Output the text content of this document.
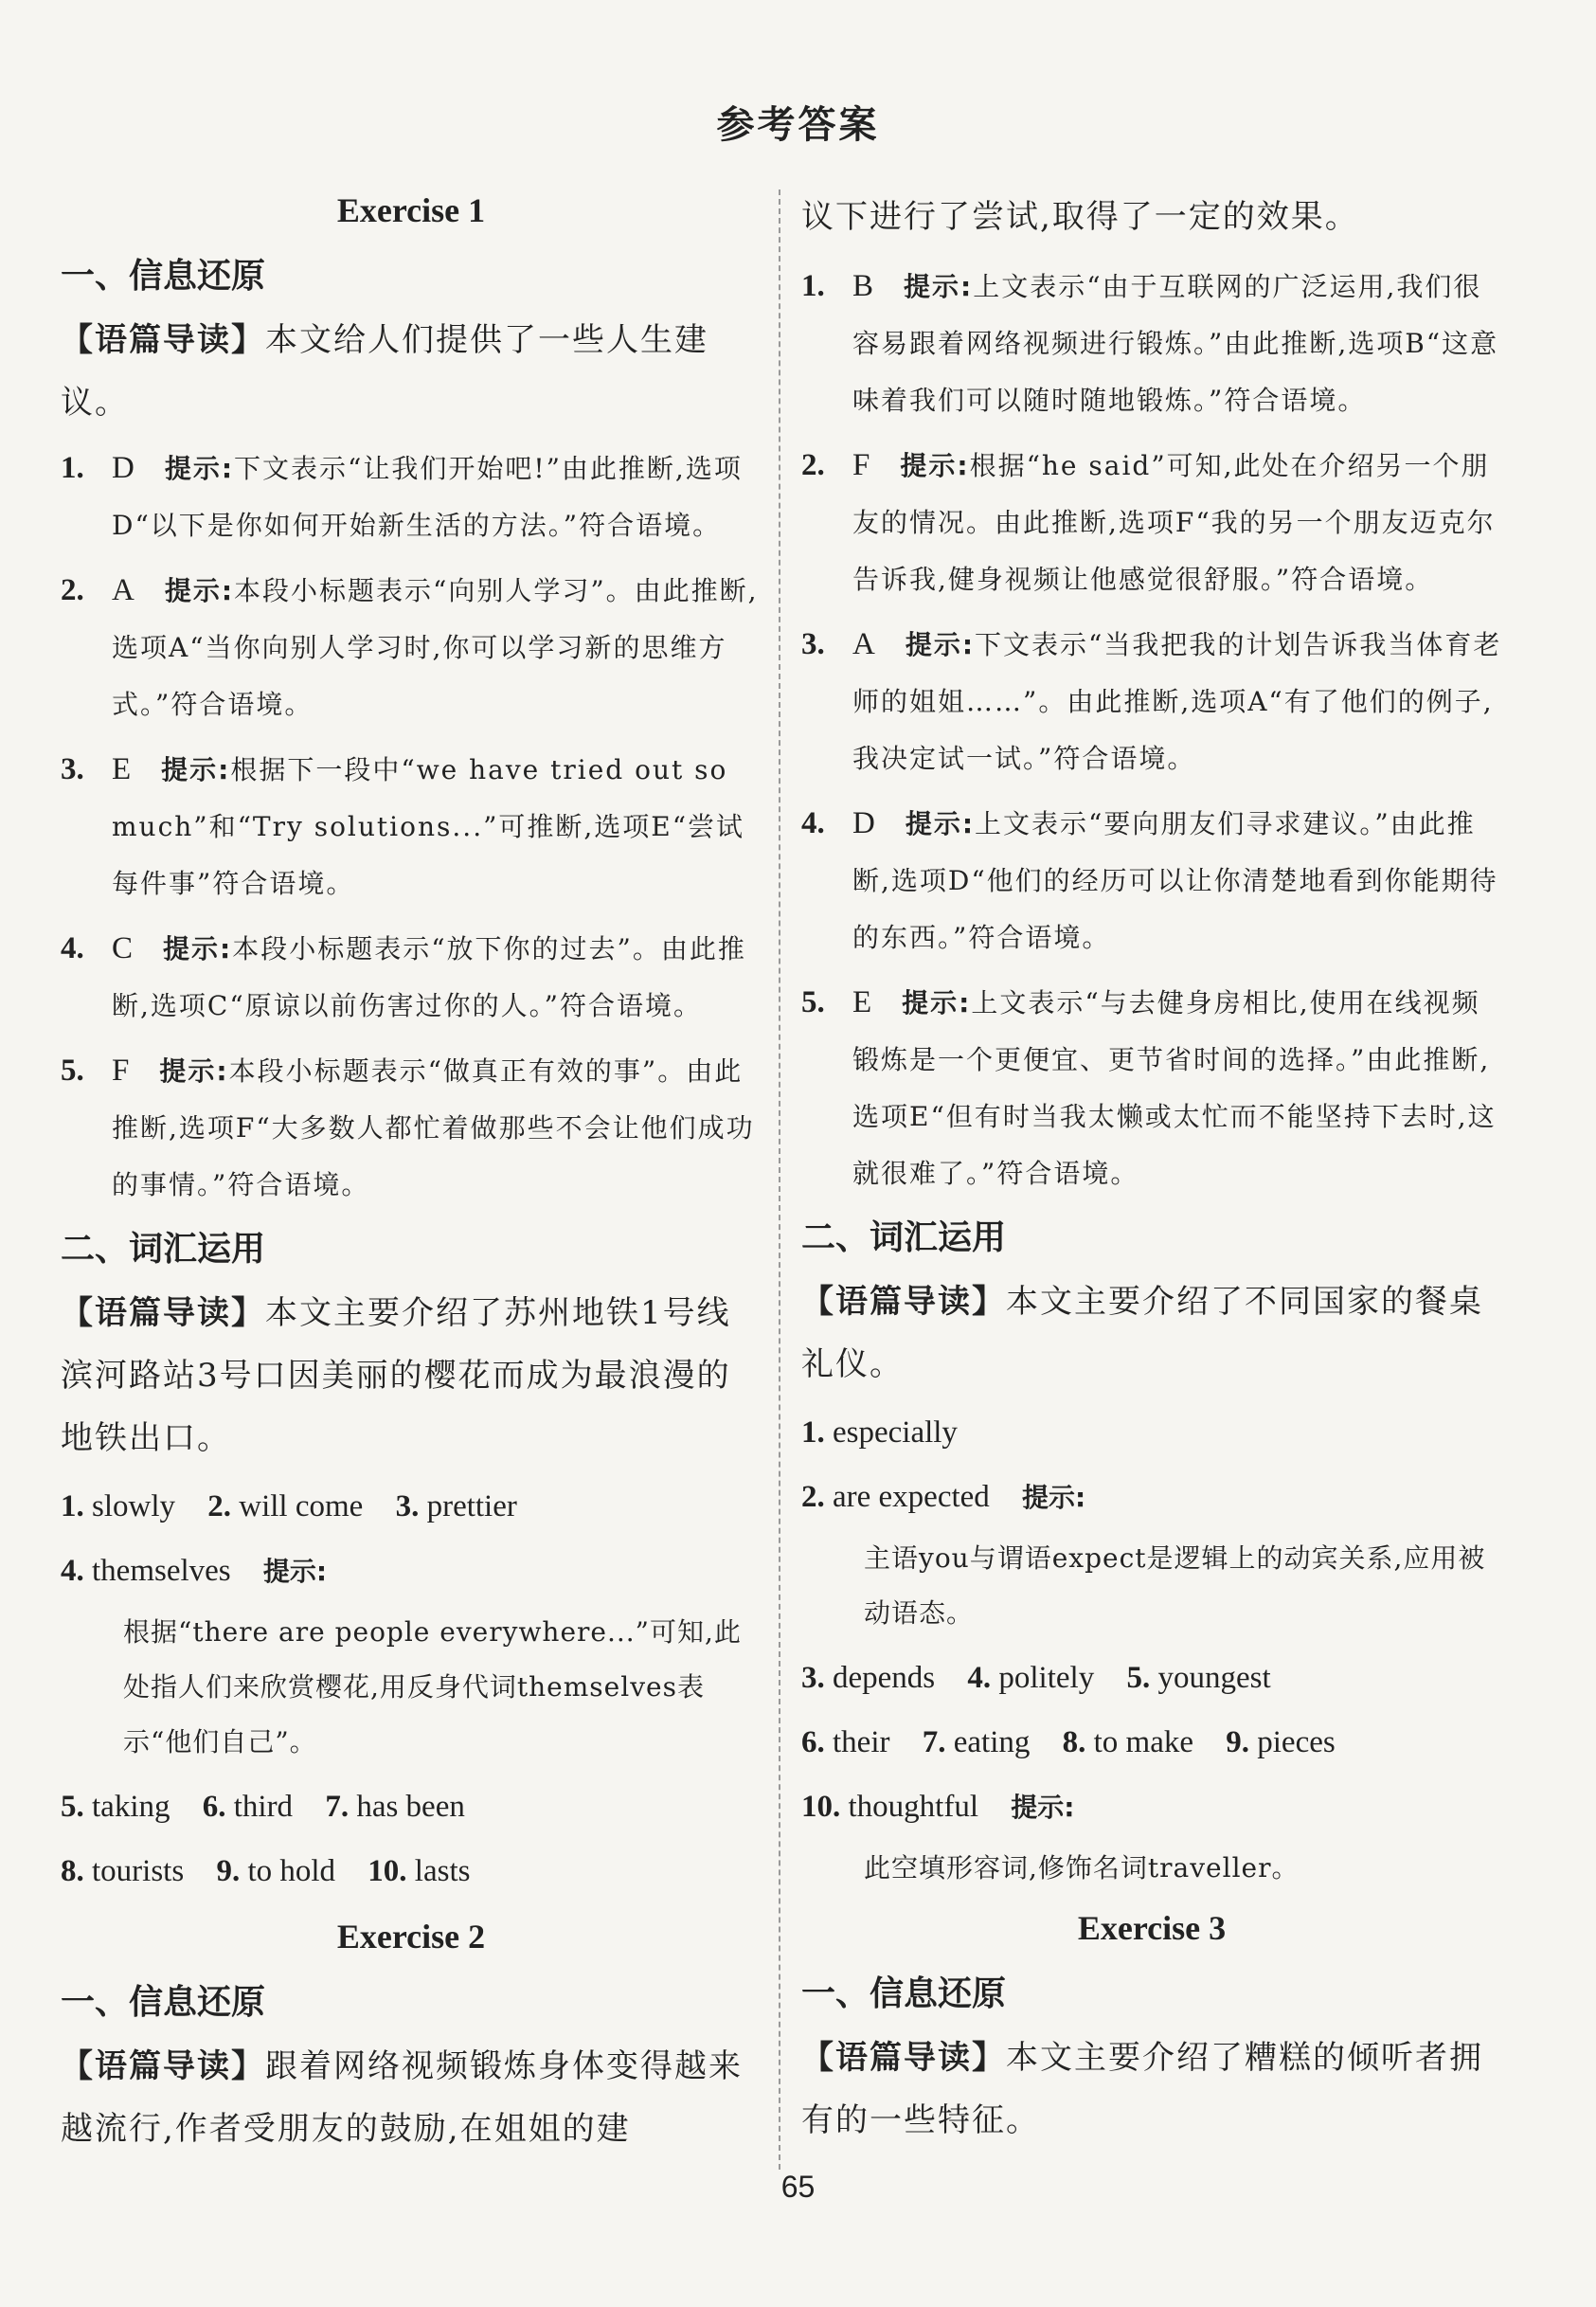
参考答案
Exercise 1
一、信息还原
【语篇导读】本文给人们提供了一些人生建议。
1. D 提示:下文表示“让我们开始吧!”由此推断,选项D“以下是你如何开始新生活的方法。”符合语境。
2. A 提示:本段小标题表示“向别人学习”。由此推断,选项A“当你向别人学习时,你可以学习新的思维方式。”符合语境。
3. E 提示:根据下一段中“we have tried out so much”和“Try solutions...”可推断,选项E“尝试每件事”符合语境。
4. C 提示:本段小标题表示“放下你的过去”。由此推断,选项C“原谅以前伤害过你的人。”符合语境。
5. F 提示:本段小标题表示“做真正有效的事”。由此推断,选项F“大多数人都忙着做那些不会让他们成功的事情。”符合语境。
二、词汇运用
【语篇导读】本文主要介绍了苏州地铁1号线滨河路站3号口因美丽的樱花而成为最浪漫的地铁出口。
1. slowly 2. will come 3. prettier
4. themselves 提示:
根据“there are people everywhere...”可知,此处指人们来欣赏樱花,用反身代词themselves表示“他们自己”。
5. taking 6. third 7. has been
8. tourists 9. to hold 10. lasts
Exercise 2
一、信息还原
【语篇导读】跟着网络视频锻炼身体变得越来越流行,作者受朋友的鼓励,在姐姐的建
议下进行了尝试,取得了一定的效果。
1. B 提示:上文表示“由于互联网的广泛运用,我们很容易跟着网络视频进行锻炼。”由此推断,选项B“这意味着我们可以随时随地锻炼。”符合语境。
2. F 提示:根据“he said”可知,此处在介绍另一个朋友的情况。由此推断,选项F“我的另一个朋友迈克尔告诉我,健身视频让他感觉很舒服。”符合语境。
3. A 提示:下文表示“当我把我的计划告诉我当体育老师的姐姐……”。由此推断,选项A“有了他们的例子,我决定试一试。”符合语境。
4. D 提示:上文表示“要向朋友们寻求建议。”由此推断,选项D“他们的经历可以让你清楚地看到你能期待的东西。”符合语境。
5. E 提示:上文表示“与去健身房相比,使用在线视频锻炼是一个更便宜、更节省时间的选择。”由此推断,选项E“但有时当我太懒或太忙而不能坚持下去时,这就很难了。”符合语境。
二、词汇运用
【语篇导读】本文主要介绍了不同国家的餐桌礼仪。
1. especially
2. are expected 提示:
主语you与谓语expect是逻辑上的动宾关系,应用被动语态。
3. depends 4. politely 5. youngest
6. their 7. eating 8. to make 9. pieces
10. thoughtful 提示:
此空填形容词,修饰名词traveller。
Exercise 3
一、信息还原
【语篇导读】本文主要介绍了糟糕的倾听者拥有的一些特征。
65
